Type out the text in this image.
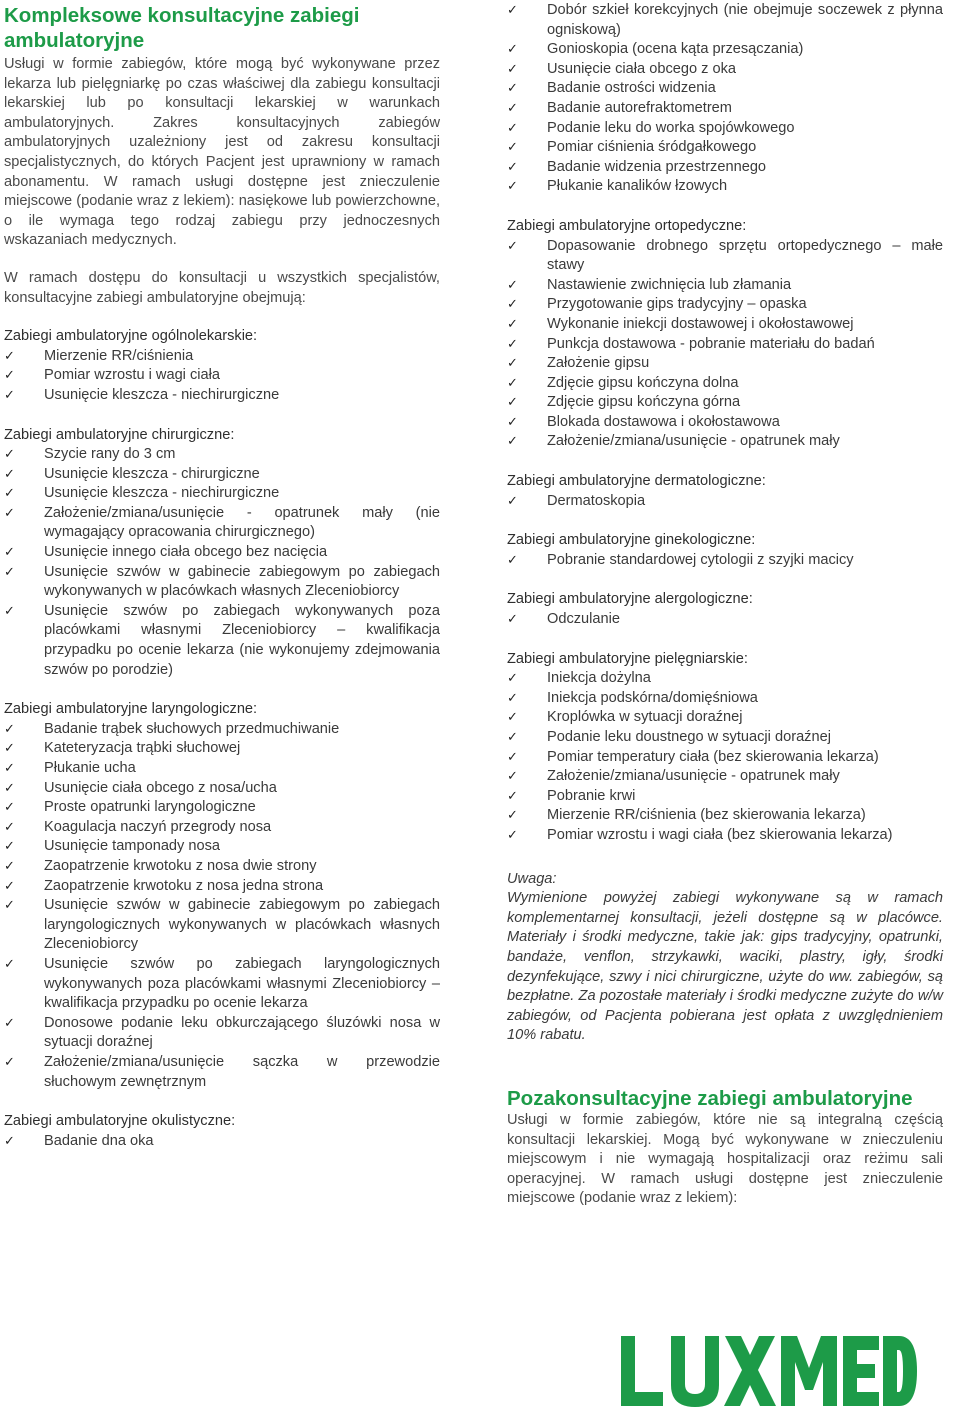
Kompleksowe konsultacyjne zabiegi ambulatoryjne

Usługi w formie zabiegów, które mogą być wykonywane przez lekarza lub pielęgniarkę po czas właściwej dla zabiegu konsultacji lekarskiej lub po konsultacji lekarskiej w warunkach ambulatoryjnych. Zakres konsultacyjnych zabiegów ambulatoryjnych uzależniony jest od zakresu konsultacji specjalistycznych, do których Pacjent jest uprawniony w ramach abonamentu. W ramach usługi dostępne jest znieczulenie miejscowe (podanie wraz z lekiem): nasiękowe lub powierzchowne, o ile wymaga tego rodzaj zabiegu przy jednoczesnych wskazaniach medycznych.

W ramach dostępu do konsultacji u wszystkich specjalistów, konsultacyjne zabiegi ambulatoryjne obejmują:

Zabiegi ambulatoryjne ogólnolekarskie:
✓ Mierzenie RR/ciśnienia
✓ Pomiar wzrostu i wagi ciała
✓ Usunięcie kleszcza - niechirurgiczne
Zabiegi ambulatoryjne chirurgiczne:
✓ Szycie rany do 3 cm
✓ Usunięcie kleszcza - chirurgiczne
✓ Usunięcie kleszcza - niechirurgiczne
✓ Założenie/zmiana/usunięcie - opatrunek mały (nie wymagający opracowania chirurgicznego)
✓ Usunięcie innego ciała obcego bez nacięcia
✓ Usunięcie szwów w gabinecie zabiegowym po zabiegach wykonywanych w placówkach własnych Zleceniobiorcy
✓ Usunięcie szwów po zabiegach wykonywanych poza placówkami własnymi Zleceniobiorcy – kwalifikacja przypadku po ocenie lekarza (nie wykonujemy zdejmowania szwów po porodzie)
Zabiegi ambulatoryjne laryngologiczne:
✓ Badanie trąbek słuchowych przedmuchiwanie
✓ Kateteryzacja trąbki słuchowej
✓ Płukanie ucha
✓ Usunięcie ciała obcego z nosa/ucha
✓ Proste opatrunki laryngologiczne
✓ Koagulacja naczyń przegrody nosa
✓ Usunięcie tamponady nosa
✓ Zaopatrzenie krwotoku z nosa dwie strony
✓ Zaopatrzenie krwotoku z nosa jedna strona
✓ Usunięcie szwów w gabinecie zabiegowym po zabiegach laryngologicznych wykonywanych w placówkach własnych Zleceniobiorcy
✓ Usunięcie szwów po zabiegach laryngologicznych wykonywanych poza placówkami własnymi Zleceniobiorcy – kwalifikacja przypadku po ocenie lekarza
✓ Donosowe podanie leku obkurczającego śluzówki nosa w sytuacji doraźnej
✓ Założenie/zmiana/usunięcie sączka w przewodzie słuchowym zewnętrznym
Zabiegi ambulatoryjne okulistyczne:
✓ Badanie dna oka
✓ Dobór szkieł korekcyjnych (nie obejmuje soczewek z płynna ogniskową)
✓ Gonioskopia (ocena kąta przesączania)
✓ Usunięcie ciała obcego z oka
✓ Badanie ostrości widzenia
✓ Badanie autorefraktometrem
✓ Podanie leku do worka spojówkowego
✓ Pomiar ciśnienia śródgałkowego
✓ Badanie widzenia przestrzennego
✓ Płukanie kanalików łzowych
Zabiegi ambulatoryjne ortopedyczne:
✓ Dopasowanie drobnego sprzętu ortopedycznego – małe stawy
✓ Nastawienie zwichnięcia lub złamania
✓ Przygotowanie gips tradycyjny – opaska
✓ Wykonanie iniekcji dostawowej i okołostawowej
✓ Punkcja dostawowa - pobranie materiału do badań
✓ Założenie gipsu
✓ Zdjęcie gipsu kończyna dolna
✓ Zdjęcie gipsu kończyna górna
✓ Blokada dostawowa i okołostawowa
✓ Założenie/zmiana/usunięcie - opatrunek mały
Zabiegi ambulatoryjne dermatologiczne:
✓ Dermatoskopia
Zabiegi ambulatoryjne ginekologiczne:
✓ Pobranie standardowej cytologii z szyjki macicy
Zabiegi ambulatoryjne alergologiczne:
✓ Odczulanie
Zabiegi ambulatoryjne pielęgniarskie:
✓ Iniekcja dożylna
✓ Iniekcja podskórna/domięśniowa
✓ Kroplówka w sytuacji doraźnej
✓ Podanie leku doustnego w sytuacji doraźnej
✓ Pomiar temperatury ciała (bez skierowania lekarza)
✓ Założenie/zmiana/usunięcie - opatrunek mały
✓ Pobranie krwi
✓ Mierzenie RR/ciśnienia (bez skierowania lekarza)
✓ Pomiar wzrostu i wagi ciała (bez skierowania lekarza)
Uwaga:

Wymienione powyżej zabiegi wykonywane są w ramach komplementarnej konsultacji, jeżeli dostępne są w placówce. Materiały i środki medyczne, takie jak: gips tradycyjny, opatrunki, bandaże, venflon, strzykawki, waciki, plastry, igły, środki dezynfekujące, szwy i nici chirurgiczne, użyte do ww. zabiegów, są bezpłatne. Za pozostałe materiały i środki medyczne zużyte do w/w zabiegów, od Pacjenta pobierana jest opłata z uwzględnieniem 10% rabatu.

Pozakonsultacyjne zabiegi ambulatoryjne

Usługi w formie zabiegów, które nie są integralną częścią konsultacji lekarskiej. Mogą być wykonywane w znieczuleniu miejscowym i nie wymagają hospitalizacji oraz reżimu sali operacyjnej. W ramach usługi dostępne jest znieczulenie miejscowe (podanie wraz z lekiem):
